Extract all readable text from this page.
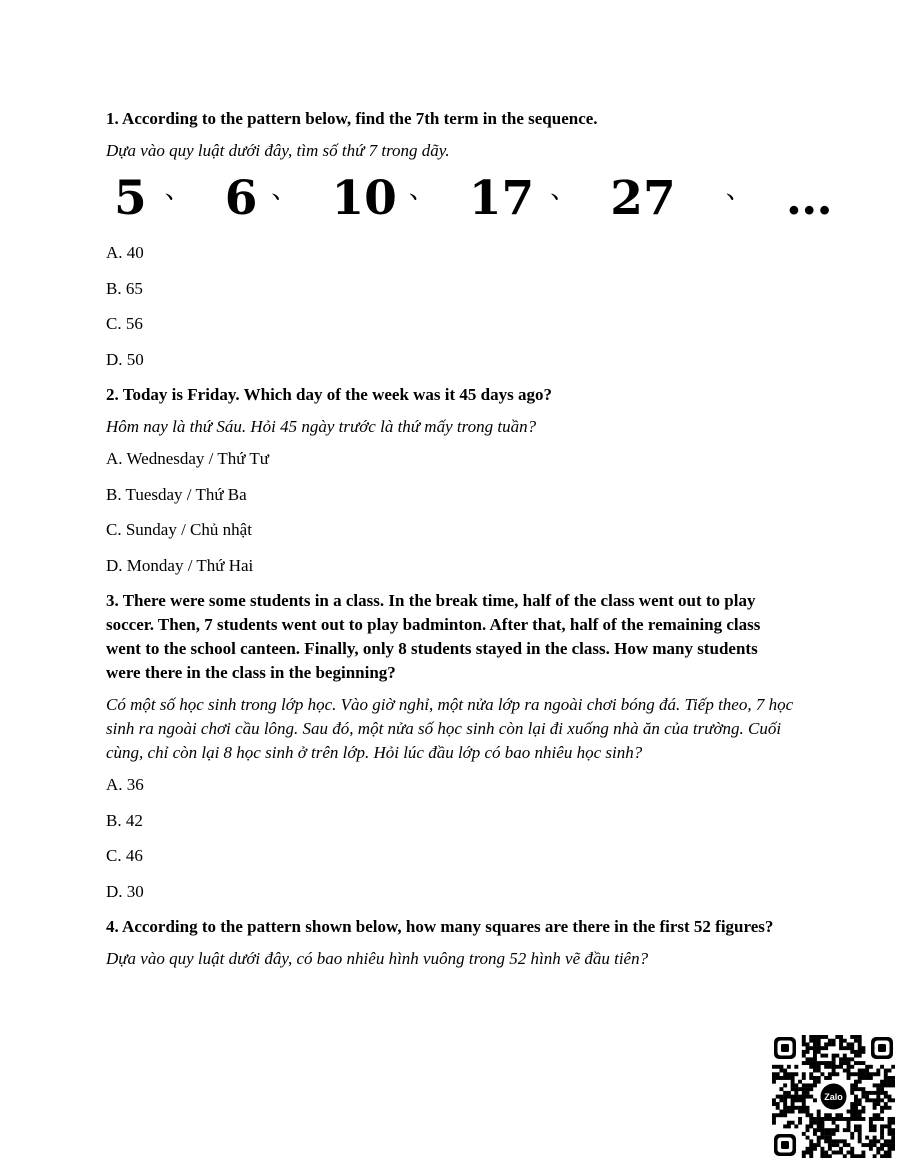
1. According to the pattern below, find the 7th term in the sequence.

Dựa vào quy luật dưới đây, tìm số thứ 7 trong dãy.

5 、 6 、 10 、 17 、 27 、 …

A. 40

B. 65

C. 56

D. 50

2. Today is Friday. Which day of the week was it 45 days ago?

Hôm nay là thứ Sáu. Hỏi 45 ngày trước là thứ mấy trong tuần?

A. Wednesday / Thứ Tư

B. Tuesday / Thứ Ba

C. Sunday / Chủ nhật

D. Monday / Thứ Hai

3. There were some students in a class. In the break time, half of the class went out to play soccer. Then, 7 students went out to play badminton. After that, half of the remaining class went to the school canteen. Finally, only 8 students stayed in the class. How many students were there in the class in the beginning?

Có một số học sinh trong lớp học. Vào giờ nghỉ, một nửa lớp ra ngoài chơi bóng đá. Tiếp theo, 7 học sinh ra ngoài chơi cầu lông. Sau đó, một nửa số học sinh còn lại đi xuống nhà ăn của trường. Cuối cùng, chỉ còn lại 8 học sinh ở trên lớp. Hỏi lúc đầu lớp có bao nhiêu học sinh?

A. 36

B. 42

C. 46

D. 30

4. According to the pattern shown below, how many squares are there in the first 52 figures?

Dựa vào quy luật dưới đây, có bao nhiêu hình vuông trong 52 hình vẽ đầu tiên?

Zalo
